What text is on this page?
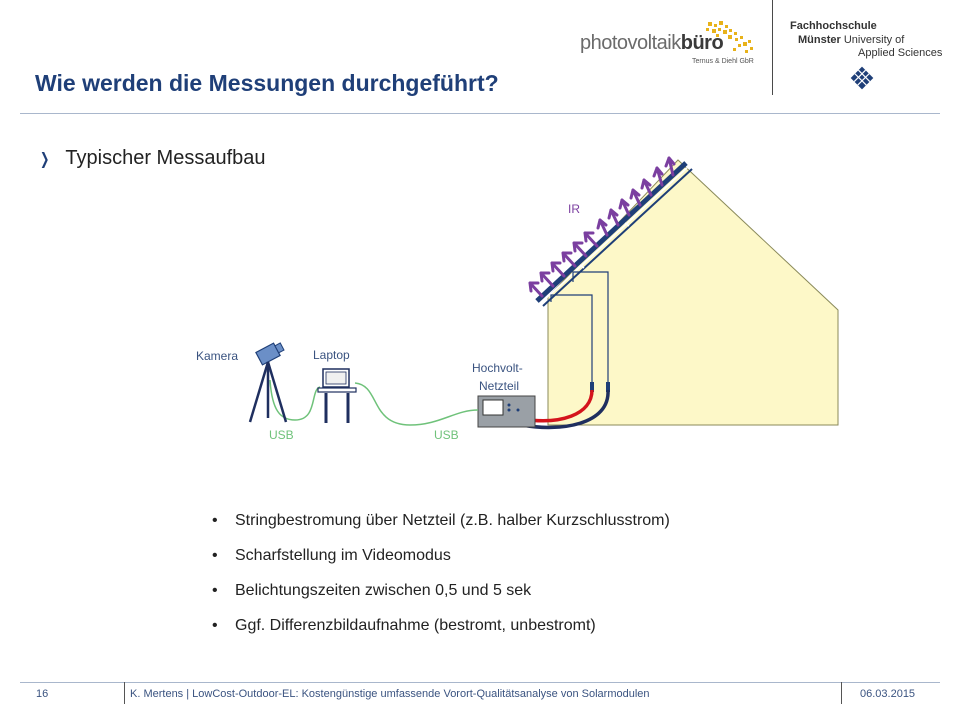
photovoltaikbüro
Ternus & Diehl GbR
Fachhochschule
Münster University of
Applied Sciences
Wie werden die Messungen durchgeführt?
❯ Typischer Messaufbau
IR
Hochvolt-
Netzteil
USB	USB
Laptop
Kamera
• Stringbestromung über Netzteil (z.B. halber Kurzschlusstrom)
• Scharfstellung im Videomodus
• Belichtungszeiten zwischen 0,5 und 5 sek
• Ggf. Differenzbildaufnahme (bestromt, unbestromt)
16	K. Mertens | LowCost-Outdoor-EL: Kostengünstige umfassende Vorort-Qualitätsanalyse von Solarmodulen	06.03.2015
